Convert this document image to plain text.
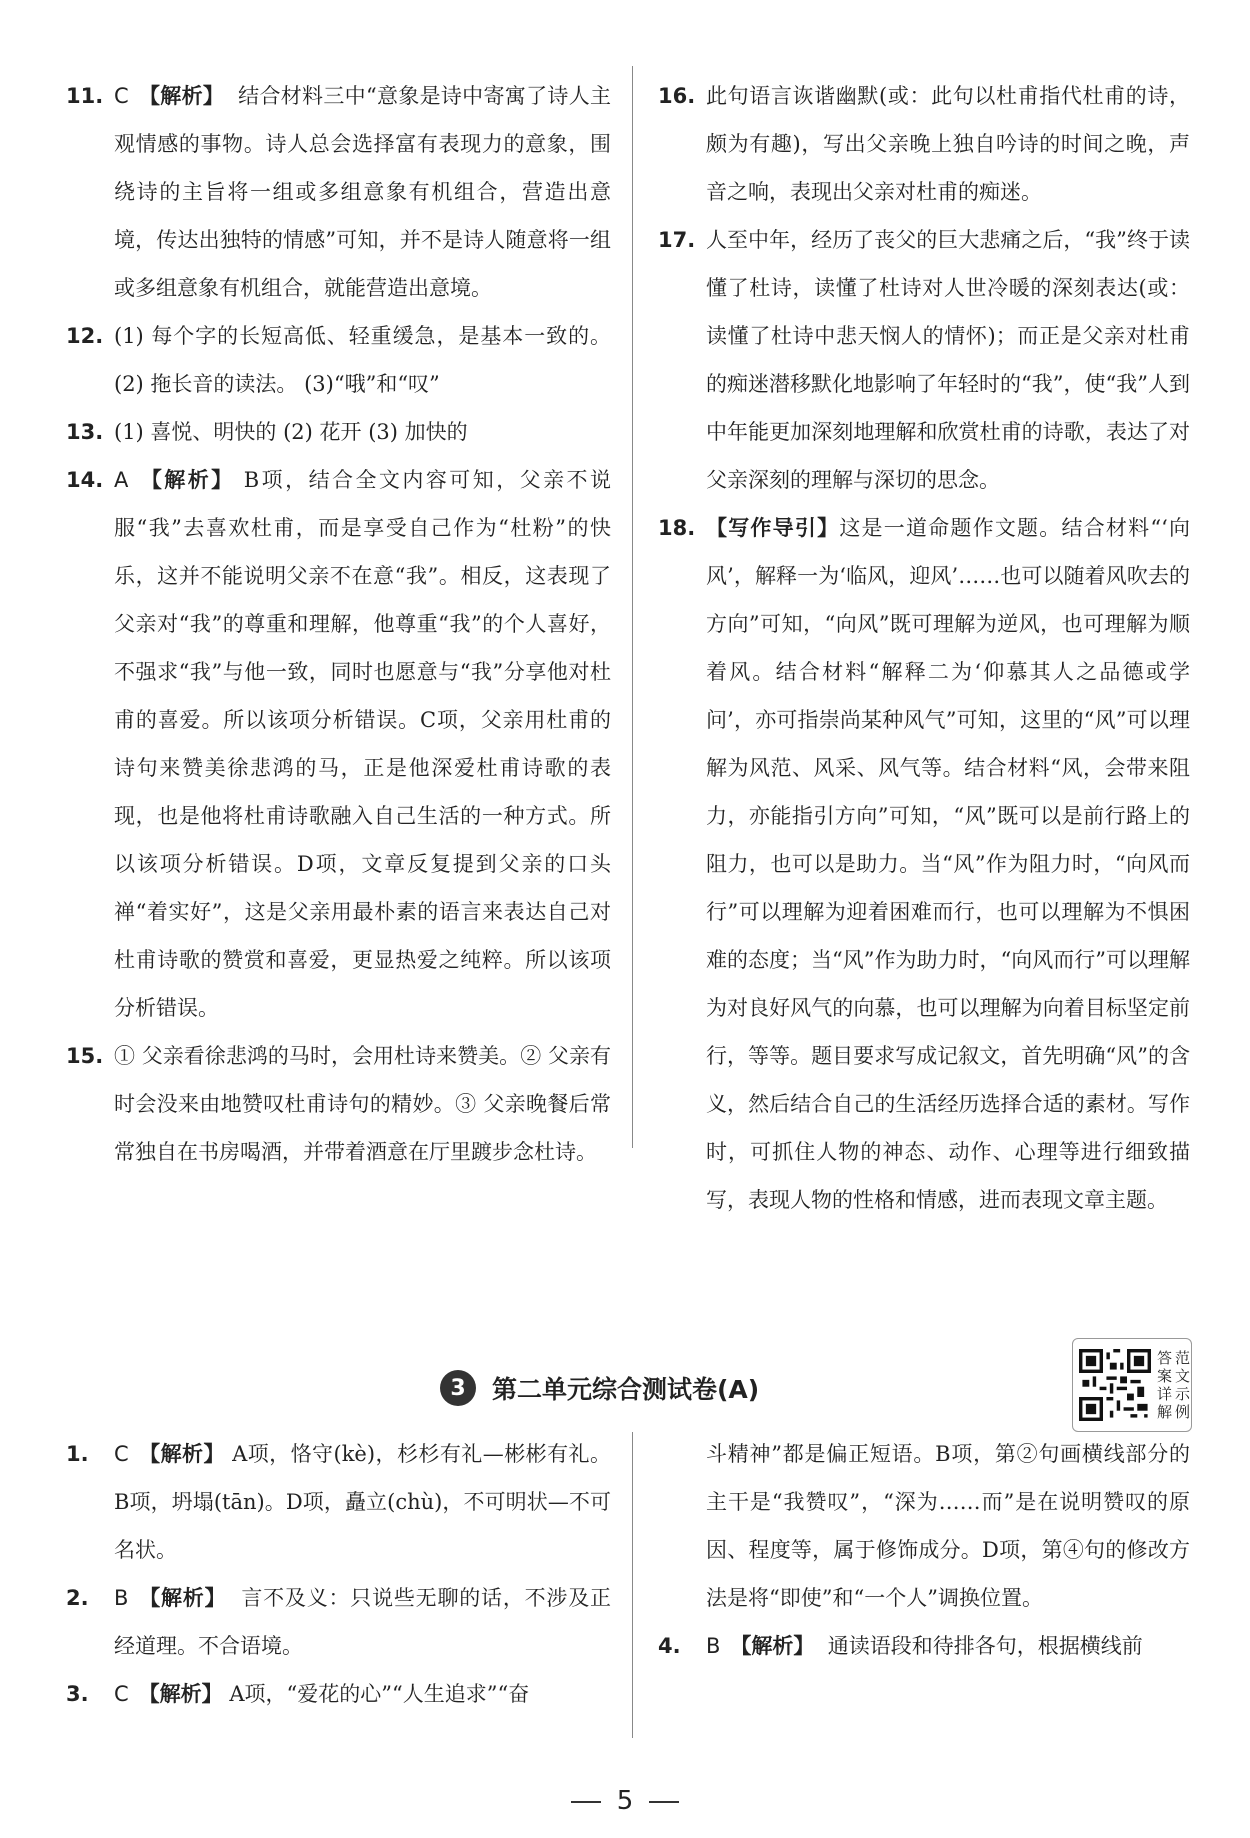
11. C 【解析】 结合材料三中“意象是诗中寄寓了诗人主观情感的事物。诗人总会选择富有表现力的意象，围绕诗的主旨将一组或多组意象有机组合，营造出意境，传达出独特的情感”可知，并不是诗人随意将一组或多组意象有机组合，就能营造出意境。
12. (1) 每个字的长短高低、轻重缓急，是基本一致的。 (2) 拖长音的读法。 (3)“哦”和“叹”
13. (1) 喜悦、明快的 (2) 花开 (3) 加快的
14. A 【解析】 B项，结合全文内容可知，父亲不说服“我”去喜欢杜甫，而是享受自己作为“杜粉”的快乐，这并不能说明父亲不在意“我”。相反，这表现了父亲对“我”的尊重和理解，他尊重“我”的个人喜好，不强求“我”与他一致，同时也愿意与“我”分享他对杜甫的喜爱。所以该项分析错误。C项，父亲用杜甫的诗句来赞美徐悲鸿的马，正是他深爱杜甫诗歌的表现，也是他将杜甫诗歌融入自己生活的一种方式。所以该项分析错误。D项，文章反复提到父亲的口头禅“着实好”，这是父亲用最朴素的语言来表达自己对杜甫诗歌的赞赏和喜爱，更显热爱之纯粹。所以该项分析错误。
15. ① 父亲看徐悲鸿的马时，会用杜诗来赞美。② 父亲有时会没来由地赞叹杜甫诗句的精妙。③ 父亲晚餐后常常独自在书房喝酒，并带着酒意在厅里踱步念杜诗。
16. 此句语言诙谐幽默(或：此句以杜甫指代杜甫的诗，颇为有趣)，写出父亲晚上独自吟诗的时间之晚，声音之响，表现出父亲对杜甫的痴迷。
17. 人至中年，经历了丧父的巨大悲痛之后，“我”终于读懂了杜诗，读懂了杜诗对人世冷暖的深刻表达(或：读懂了杜诗中悲天悯人的情怀)；而正是父亲对杜甫的痴迷潜移默化地影响了年轻时的“我”，使“我”人到中年能更加深刻地理解和欣赏杜甫的诗歌，表达了对父亲深刻的理解与深切的思念。
18. 【写作导引】这是一道命题作文题。结合材料“‘向风’，解释一为‘临风，迎风’……也可以随着风吹去的方向”可知，“向风”既可理解为逆风，也可理解为顺着风。结合材料“解释二为‘仰慕其人之品德或学问’，亦可指崇尚某种风气”可知，这里的“风”可以理解为风范、风采、风气等。结合材料“风，会带来阻力，亦能指引方向”可知，“风”既可以是前行路上的阻力，也可以是助力。当“风”作为阻力时，“向风而行”可以理解为迎着困难而行，也可以理解为不惧困难的态度；当“风”作为助力时，“向风而行”可以理解为对良好风气的向慕，也可以理解为向着目标坚定前行，等等。题目要求写成记叙文，首先明确“风”的含义，然后结合自己的生活经历选择合适的素材。写作时，可抓住人物的神态、动作、心理等进行细致描写，表现人物的性格和情感，进而表现文章主题。
3	第二单元综合测试卷(A)
答 范
案 文
详 示
解 例
1. C 【解析】 A项，恪守(kè)，杉杉有礼—彬彬有礼。B项，坍塌(tān)。D项，矗立(chù)，不可明状—不可名状。
2. B 【解析】 言不及义：只说些无聊的话，不涉及正经道理。不合语境。
3. C 【解析】 A项，“爱花的心”“人生追求”“奋
斗精神”都是偏正短语。B项，第②句画横线部分的主干是“我赞叹”，“深为……而”是在说明赞叹的原因、程度等，属于修饰成分。D项，第④句的修改方法是将“即使”和“一个人”调换位置。
4. B 【解析】 通读语段和待排各句，根据横线前
5
